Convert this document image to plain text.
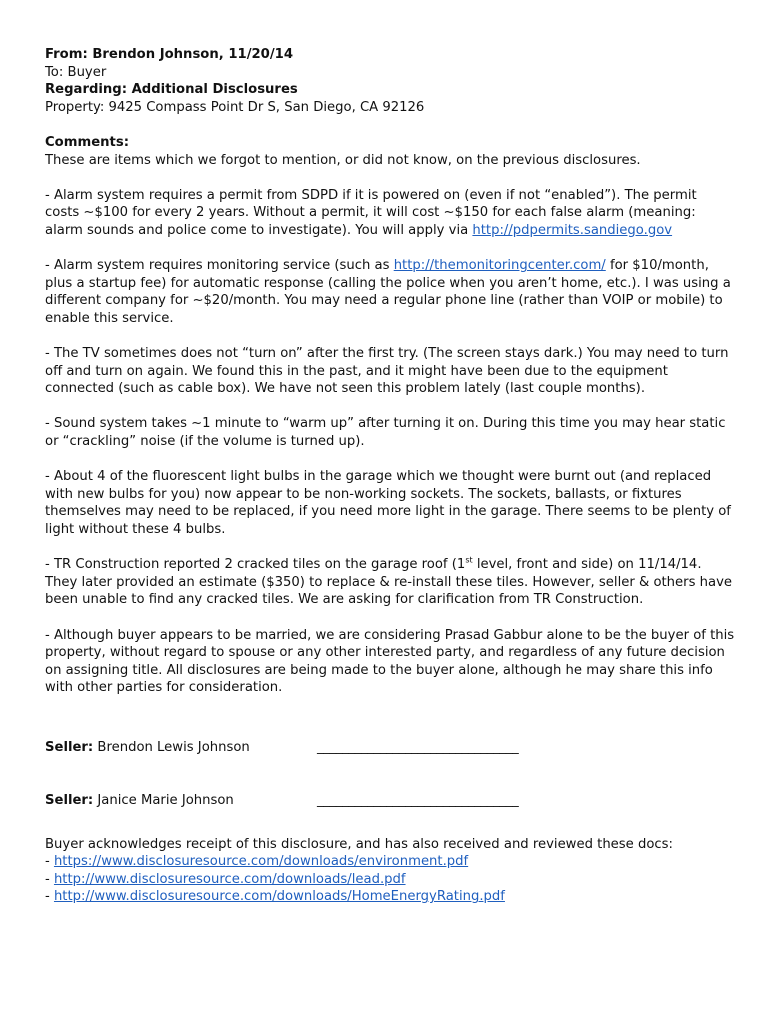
From: Brendon Johnson, 11/20/14
To: Buyer
Regarding: Additional Disclosures
Property: 9425 Compass Point Dr S, San Diego, CA 92126
Comments:

These are items which we forgot to mention, or did not know, on the previous disclosures.

- Alarm system requires a permit from SDPD if it is powered on (even if not “enabled”). The permit costs ~$100 for every 2 years. Without a permit, it will cost ~$150 for each false alarm (meaning: alarm sounds and police come to investigate). You will apply via http://pdpermits.sandiego.gov

- Alarm system requires monitoring service (such as http://themonitoringcenter.com/ for $10/month, plus a startup fee) for automatic response (calling the police when you aren’t home, etc.). I was using a different company for ~$20/month. You may need a regular phone line (rather than VOIP or mobile) to enable this service.

- The TV sometimes does not “turn on” after the first try. (The screen stays dark.) You may need to turn off and turn on again. We found this in the past, and it might have been due to the equipment connected (such as cable box). We have not seen this problem lately (last couple months).

- Sound system takes ~1 minute to “warm up” after turning it on. During this time you may hear static or “crackling” noise (if the volume is turned up).

- About 4 of the fluorescent light bulbs in the garage which we thought were burnt out (and replaced with new bulbs for you) now appear to be non-working sockets. The sockets, ballasts, or fixtures themselves may need to be replaced, if you need more light in the garage. There seems to be plenty of light without these 4 bulbs.

- TR Construction reported 2 cracked tiles on the garage roof (1st level, front and side) on 11/14/14. They later provided an estimate ($350) to replace & re-install these tiles. However, seller & others have been unable to find any cracked tiles. We are asking for clarification from TR Construction.

- Although buyer appears to be married, we are considering Prasad Gabbur alone to be the buyer of this property, without regard to spouse or any other interested party, and regardless of any future decision on assigning title. All disclosures are being made to the buyer alone, although he may share this info with other parties for consideration.

Seller: Brendon Lewis Johnson	________________________________
Seller: Janice Marie Johnson	________________________________
Buyer acknowledges receipt of this disclosure, and has also received and reviewed these docs:
- https://www.disclosuresource.com/downloads/environment.pdf
- http://www.disclosuresource.com/downloads/lead.pdf
- http://www.disclosuresource.com/downloads/HomeEnergyRating.pdf
